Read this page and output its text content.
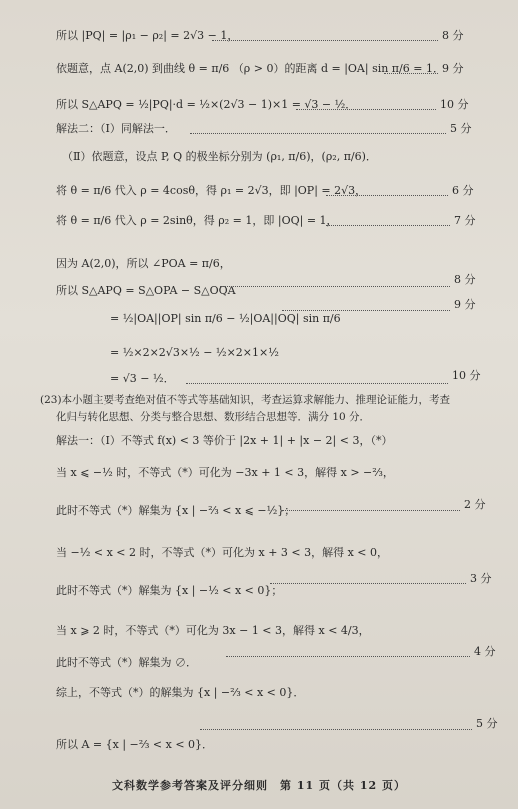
所以 |PQ| = |ρ₁ − ρ₂| = 2√3 − 1，	8 分
依题意，点 A(2,0) 到曲线 θ = π/6 （ρ > 0）的距离 d = |OA| sin π/6 = 1．
9 分
所以 S△APQ = ½|PQ|·d = ½×(2√3 − 1)×1 = √3 − ½．	10 分
解法二：（Ⅰ）同解法一．	5 分
（Ⅱ）依题意，设点 P, Q 的极坐标分别为 (ρ₁, π/6)，(ρ₂, π/6)．
将 θ = π/6 代入 ρ = 4cosθ，得 ρ₁ = 2√3，即 |OP| = 2√3，	6 分
将 θ = π/6 代入 ρ = 2sinθ，得 ρ₂ = 1，即 |OQ| = 1，	7 分
因为 A(2,0)，所以 ∠POA = π/6，
所以 S△APQ = S△OPA − S△OQA
8 分
= ½|OA||OP| sin π/6 − ½|OA||OQ| sin π/6
9 分
= ½×2×2√3×½ − ½×2×1×½
= √3 − ½．	10 分
(23)本小题主要考查绝对值不等式等基础知识，考查运算求解能力、推理论证能力，考查
化归与转化思想、分类与整合思想、数形结合思想等．满分 10 分．
解法一：（Ⅰ）不等式 f(x) < 3 等价于 |2x + 1| + |x − 2| < 3，（*）
当 x ⩽ −½ 时，不等式（*）可化为 −3x + 1 < 3，解得 x > −⅔，
此时不等式（*）解集为 {x | −⅔ < x ⩽ −½}；	2 分
当 −½ < x < 2 时，不等式（*）可化为 x + 3 < 3，解得 x < 0，
此时不等式（*）解集为 {x | −½ < x < 0}；
3 分
当 x ⩾ 2 时，不等式（*）可化为 3x − 1 < 3，解得 x < 4/3，
此时不等式（*）解集为 ∅．
4 分
综上，不等式（*）的解集为 {x | −⅔ < x < 0}．
所以 A = {x | −⅔ < x < 0}．
5 分
文科数学参考答案及评分细则　第 11 页（共 12 页）
